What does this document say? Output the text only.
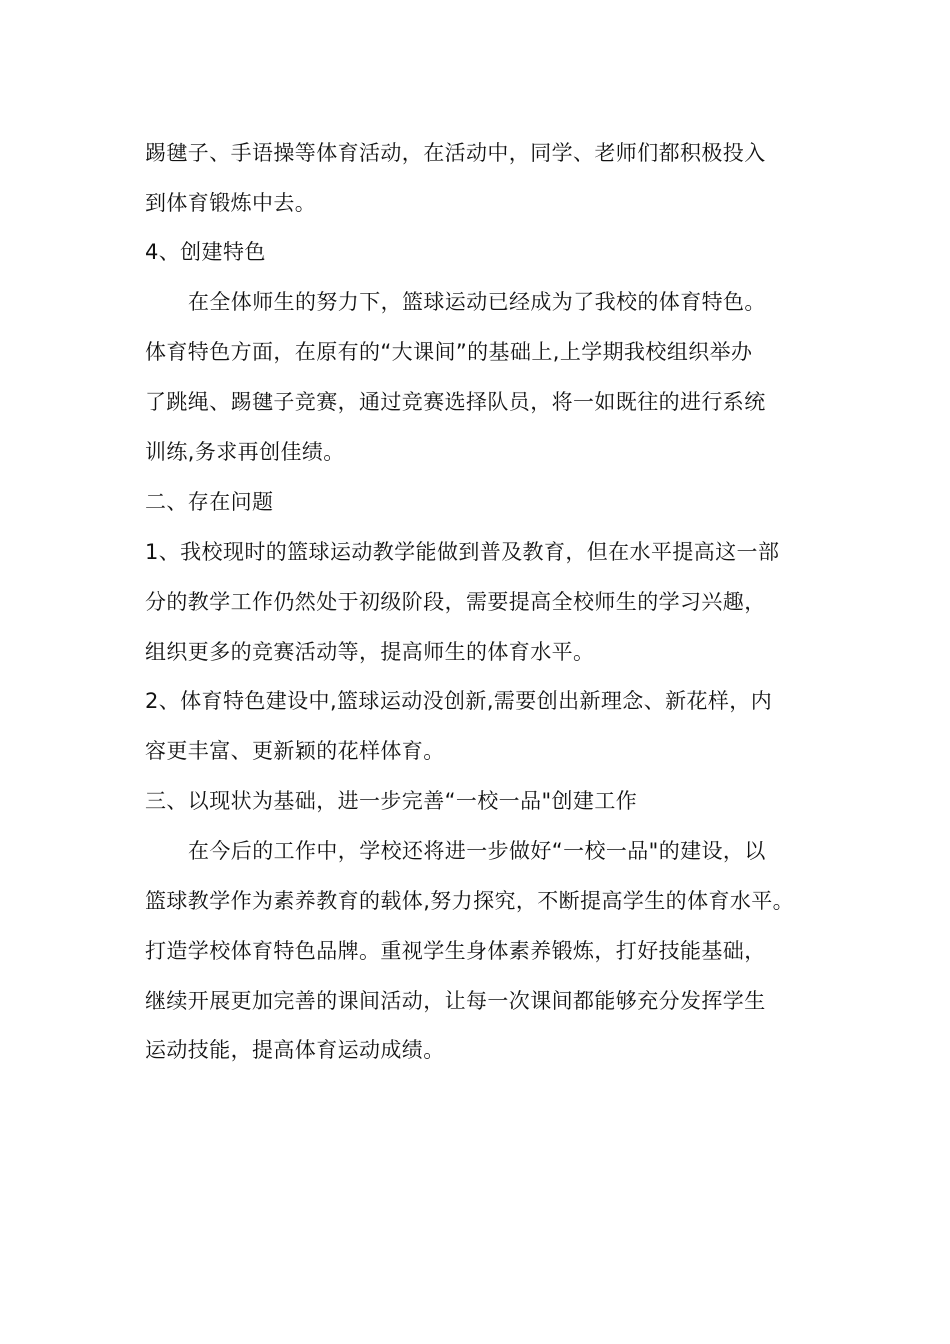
踢毽子、手语操等体育活动，在活动中，同学、老师们都积极投入
到体育锻炼中去。
4、创建特色
在全体师生的努力下，篮球运动已经成为了我校的体育特色。
体育特色方面，在原有的“大课间”的基础上,上学期我校组织举办
了跳绳、踢毽子竞赛，通过竞赛选择队员，将一如既往的进行系统
训练,务求再创佳绩。
二、存在问题
1、我校现时的篮球运动教学能做到普及教育，但在水平提高这一部
分的教学工作仍然处于初级阶段，需要提高全校师生的学习兴趣，
组织更多的竞赛活动等，提高师生的体育水平。
2、体育特色建设中,篮球运动没创新,需要创出新理念、新花样，内
容更丰富、更新颖的花样体育。
三、以现状为基础，进一步完善“一校一品"创建工作
在今后的工作中，学校还将进一步做好“一校一品"的建设，以
篮球教学作为素养教育的载体,努力探究，不断提高学生的体育水平。
打造学校体育特色品牌。重视学生身体素养锻炼，打好技能基础，
继续开展更加完善的课间活动，让每一次课间都能够充分发挥学生
运动技能，提高体育运动成绩。
